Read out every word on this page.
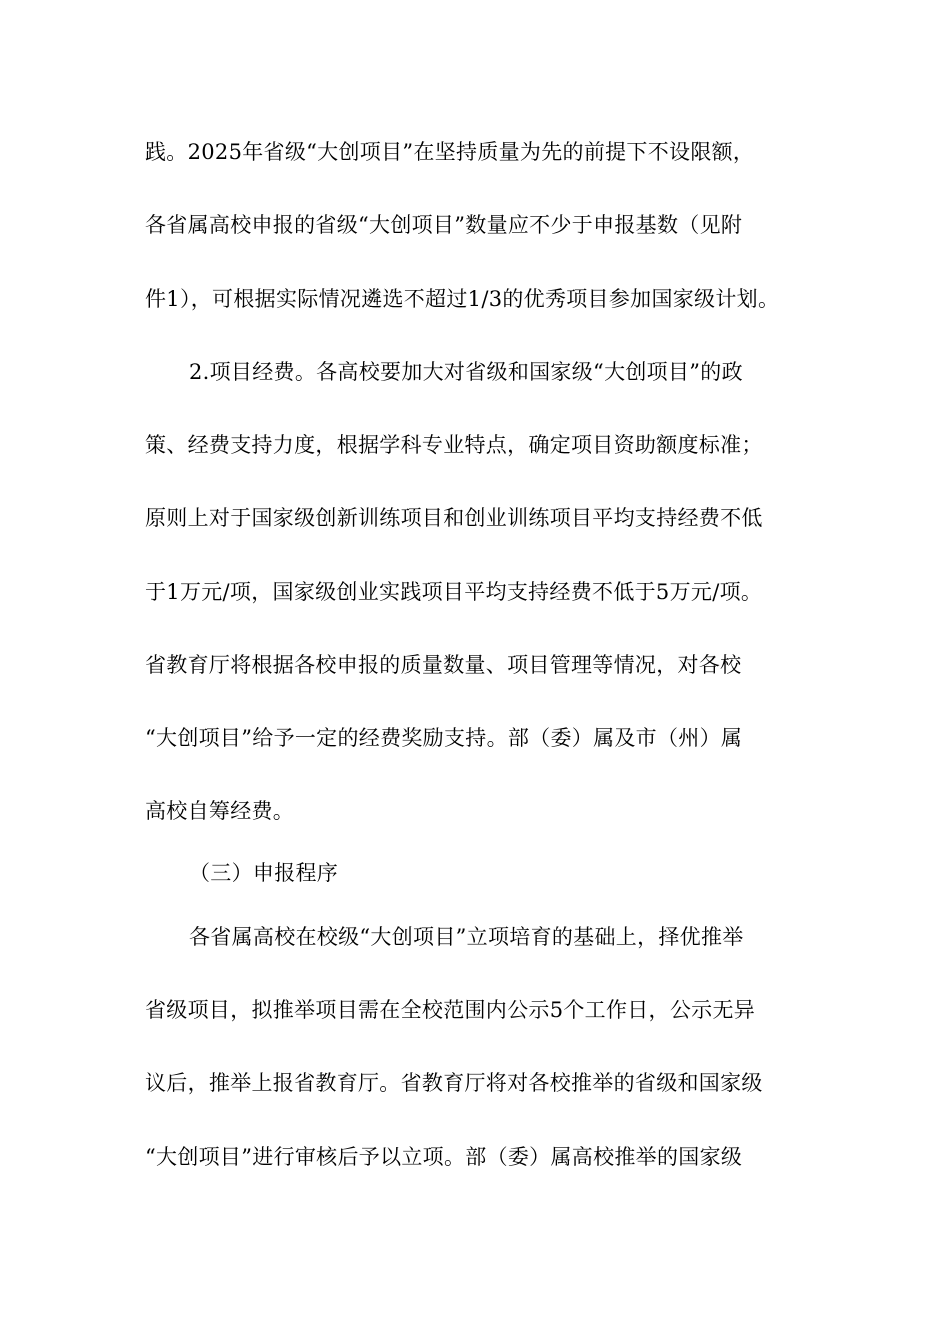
践。2025年省级“大创项目”在坚持质量为先的前提下不设限额，
各省属高校申报的省级“大创项目”数量应不少于申报基数（见附
件1），可根据实际情况遴选不超过1/3的优秀项目参加国家级计划。
2.项目经费。各高校要加大对省级和国家级“大创项目”的政
策、经费支持力度，根据学科专业特点，确定项目资助额度标准；
原则上对于国家级创新训练项目和创业训练项目平均支持经费不低
于1万元/项，国家级创业实践项目平均支持经费不低于5万元/项。
省教育厅将根据各校申报的质量数量、项目管理等情况，对各校
“大创项目”给予一定的经费奖励支持。部（委）属及市（州）属
高校自筹经费。
（三）申报程序
各省属高校在校级“大创项目”立项培育的基础上，择优推举
省级项目，拟推举项目需在全校范围内公示5个工作日，公示无异
议后，推举上报省教育厅。省教育厅将对各校推举的省级和国家级
“大创项目”进行审核后予以立项。部（委）属高校推举的国家级
